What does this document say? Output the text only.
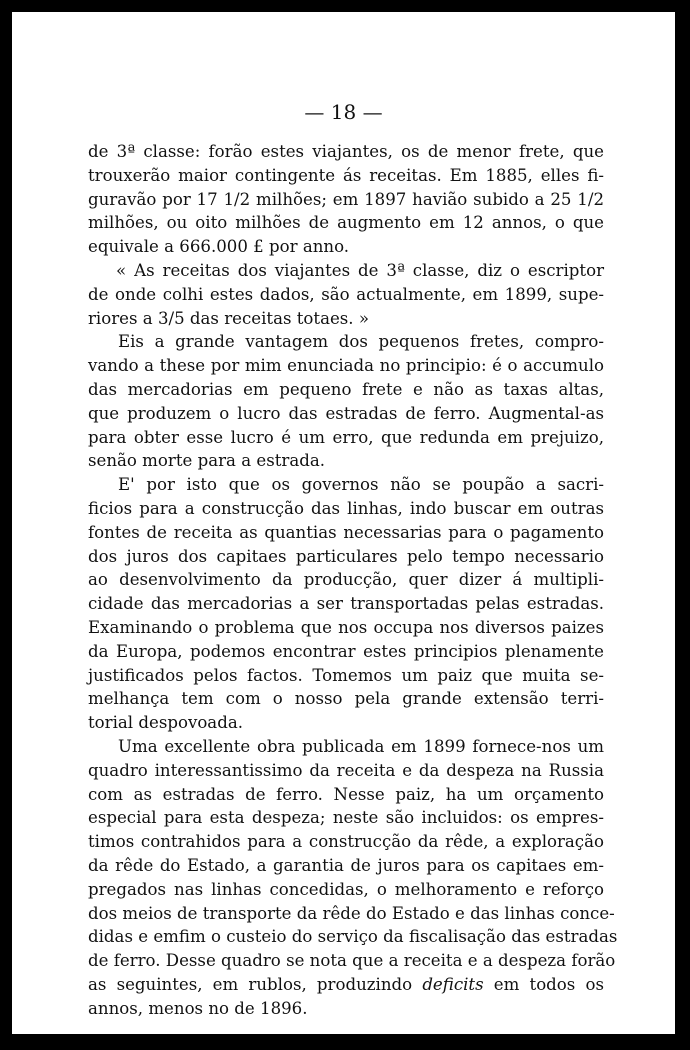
— 18 —
de 3ª classe: forão estes viajantes, os de menor frete, que
trouxerão maior contingente ás receitas. Em 1885, elles fi-
guravão por 17 1/2 milhões; em 1897 havião subido a 25 1/2
milhões, ou oito milhões de augmento em 12 annos, o que
equivale a 666.000 £ por anno.
« As receitas dos viajantes de 3ª classe, diz o escriptor
de onde colhi estes dados, são actualmente, em 1899, supe-
riores a 3/5 das receitas totaes. »
Eis a grande vantagem dos pequenos fretes, compro-
vando a these por mim enunciada no principio: é o accumulo
das mercadorias em pequeno frete e não as taxas altas,
que produzem o lucro das estradas de ferro. Augmental-as
para obter esse lucro é um erro, que redunda em prejuizo,
senão morte para a estrada.
E' por isto que os governos não se poupão a sacri-
ficios para a construcção das linhas, indo buscar em outras
fontes de receita as quantias necessarias para o pagamento
dos juros dos capitaes particulares pelo tempo necessario
ao desenvolvimento da producção, quer dizer á multipli-
cidade das mercadorias a ser transportadas pelas estradas.
Examinando o problema que nos occupa nos diversos paizes
da Europa, podemos encontrar estes principios plenamente
justificados pelos factos. Tomemos um paiz que muita se-
melhança tem com o nosso pela grande extensão terri-
torial despovoada.
Uma excellente obra publicada em 1899 fornece-nos um
quadro interessantissimo da receita e da despeza na Russia
com as estradas de ferro. Nesse paiz, ha um orçamento
especial para esta despeza; neste são incluidos: os empres-
timos contrahidos para a construcção da rêde, a exploração
da rêde do Estado, a garantia de juros para os capitaes em-
pregados nas linhas concedidas, o melhoramento e reforço
dos meios de transporte da rêde do Estado e das linhas conce-
didas e emfim o custeio do serviço da fiscalisação das estradas
de ferro. Desse quadro se nota que a receita e a despeza forão
as seguintes, em rublos, produzindo deficits em todos os
annos, menos no de 1896.
